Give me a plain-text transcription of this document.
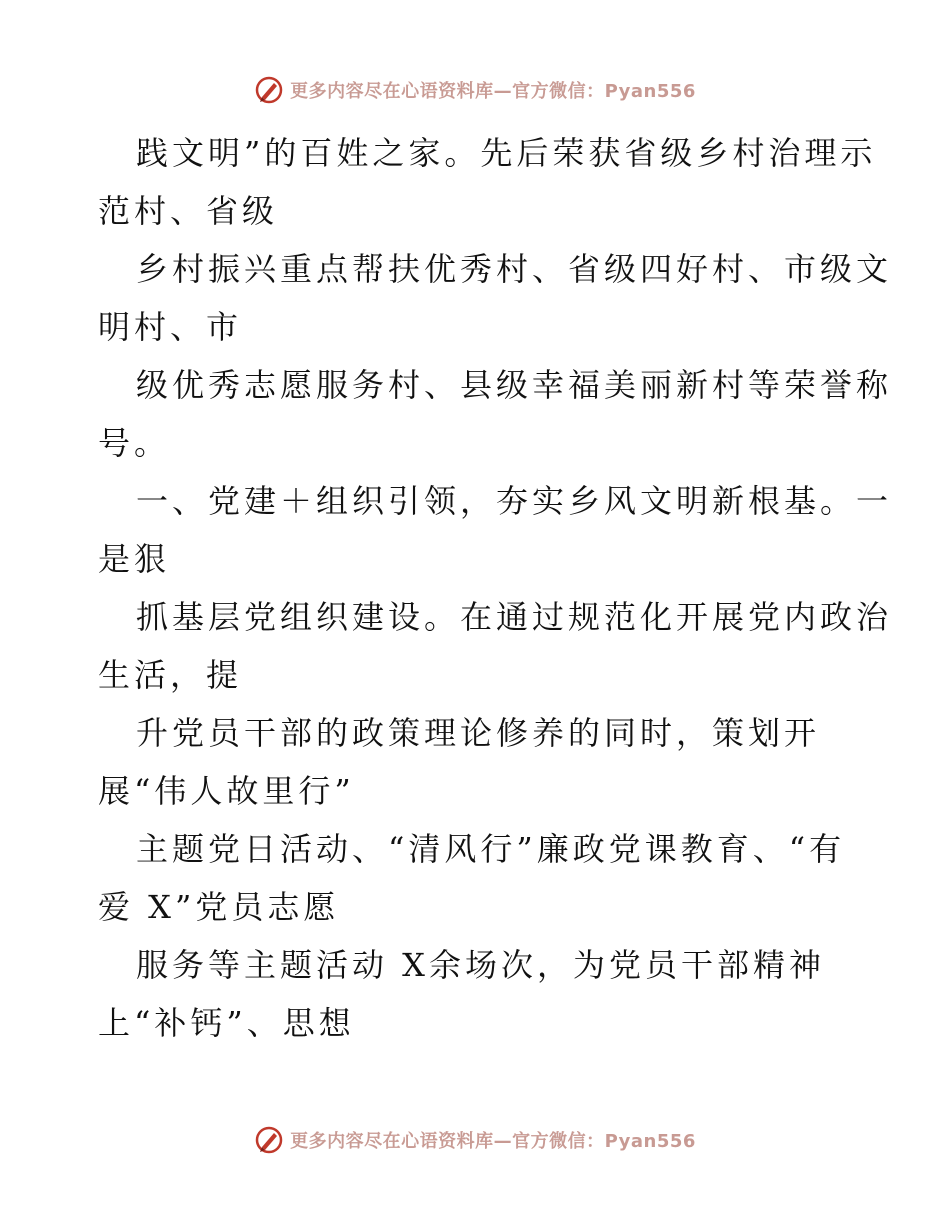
更多内容尽在心语资料库—官方微信：Pyan556
践文明”的百姓之家。先后荣获省级乡村治理示
范村、省级
乡村振兴重点帮扶优秀村、省级四好村、市级文
明村、市
级优秀志愿服务村、县级幸福美丽新村等荣誉称
号。
一、党建＋组织引领，夯实乡风文明新根基。一
是狠
抓基层党组织建设。在通过规范化开展党内政治
生活，提
升党员干部的政策理论修养的同时，策划开
展“伟人故里行”
主题党日活动、“清风行”廉政党课教育、“有
爱 X”党员志愿
服务等主题活动 X余场次，为党员干部精神
上“补钙”、思想
更多内容尽在心语资料库—官方微信：Pyan556
